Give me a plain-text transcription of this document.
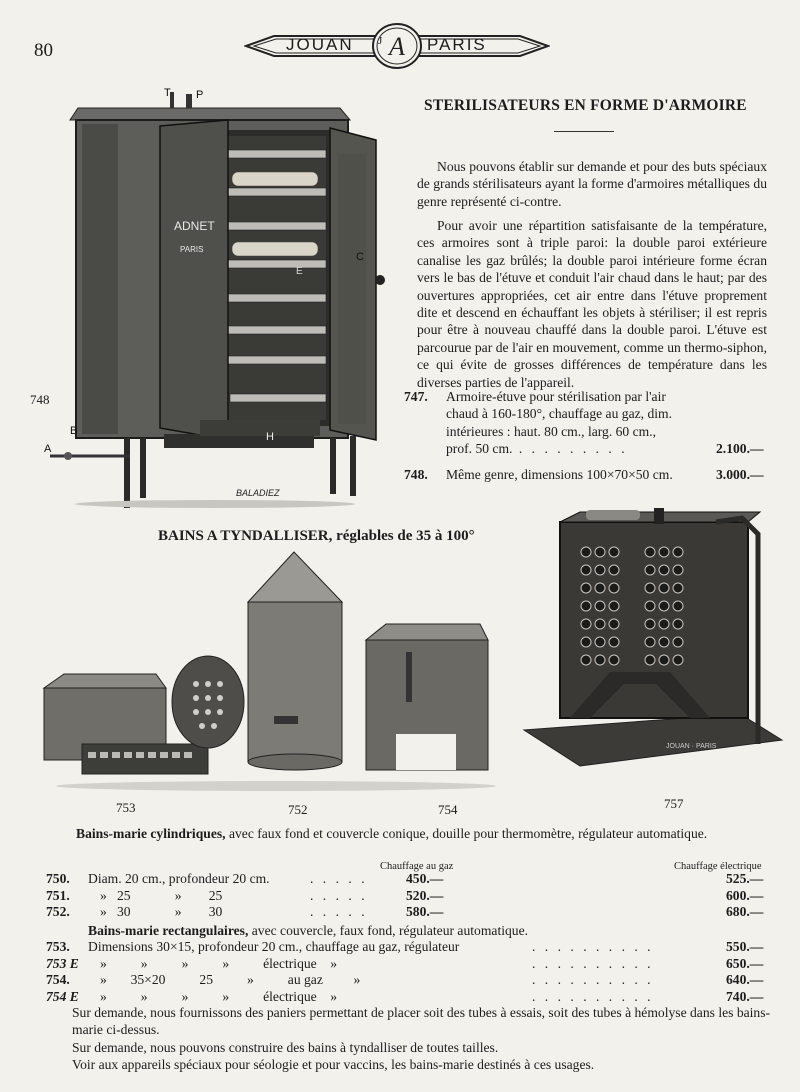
80	A
J
JOUAN	PARIS
T P
C
E
H
A
B
ADNET
PARIS
BALADIEZ
748
STERILISATEURS EN FORME D'ARMOIRE
Nous pouvons établir sur demande et pour des buts spéciaux de grands stérilisateurs ayant la forme d'armoires métalliques du genre représenté ci-contre.
Pour avoir une répartition satisfaisante de la température, ces armoires sont à triple paroi: la double paroi extérieure canalise les gaz brûlés; la double paroi intérieure forme écran vers le bas de l'étuve et conduit l'air chaud dans le haut; par des ouvertures appropriées, cet air entre dans l'étuve proprement dite et descend en échauffant les objets à stériliser; il est repris pour être à nouveau chauffé dans la double paroi. L'étuve est parcourue par de l'air en mouvement, comme un thermo-siphon, ce qui évite de grosses différences de température dans les diverses parties de l'appareil.
747. Armoire-étuve pour stérilisation par l'air
chaud à 160-180°, chauffage au gaz, dim.
intérieures : haut. 80 cm., larg. 60 cm.,
prof. 50 cm. . . . . . . . . .	2.100.—
748. Même genre, dimensions 100×70×50 cm.	3.000.—
BAINS A TYNDALLISER, réglables de 35 à 100°
JOUAN · PARIS
753	752	754	757
Bains-marie cylindriques, avec faux fond et couvercle conique, douille pour thermomètre, régulateur automatique.
Chauffage au gaz	Chauffage électrique
750. Diam. 20 cm., profondeur 20 cm.	. . . . .	450.—	525.—
751. »   25             »        25	. . . . .	520.—	600.—
752. »   30             »        30	. . . . .	580.—	680.—
Bains-marie rectangulaires, avec couvercle, faux fond, régulateur automatique.
753. Dimensions 30×15, profondeur 20 cm., chauffage au gaz, régulateur	. . . . . . . . . .	550.—
753 E »          »          »          »          électrique    »	. . . . . . . . . .	650.—
754. »       35×20          25          »          au gaz         »	. . . . . . . . . .	640.—
754 E »          »          »          »          électrique    »	. . . . . . . . . .	740.—
Sur demande, nous fournissons des paniers permettant de placer soit des tubes à essais, soit des tubes à hémolyse dans les bains-marie ci-dessus.
Sur demande, nous pouvons construire des bains à tyndalliser de toutes tailles.
Voir aux appareils spéciaux pour séologie et pour vaccins, les bains-marie destinés à ces usages.
